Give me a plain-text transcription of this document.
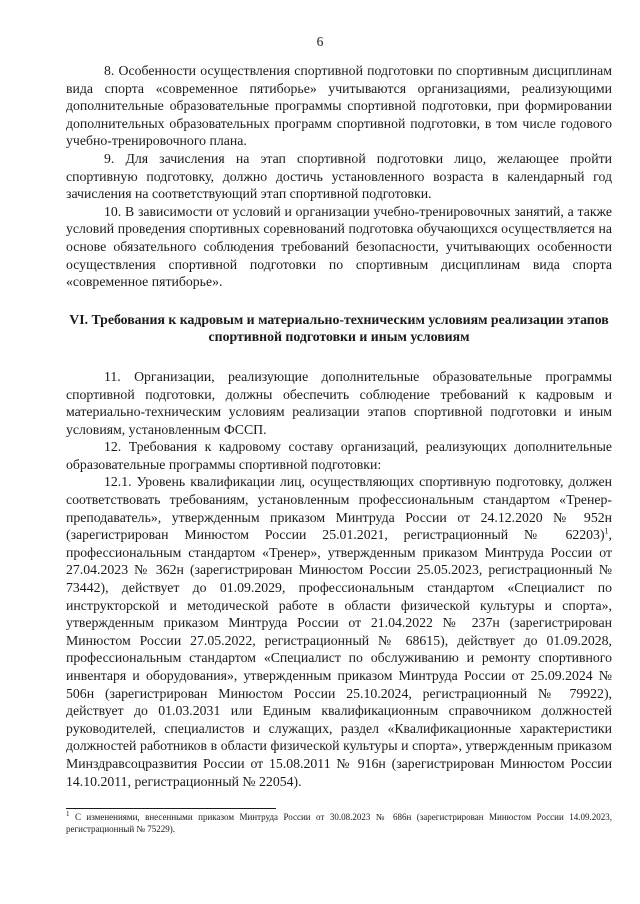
6

8. Особенности осуществления спортивной подготовки по спортивным дисциплинам вида спорта «современное пятиборье» учитываются организациями, реализующими дополнительные образовательные программы спортивной подготовки, при формировании дополнительных образовательных программ спортивной подготовки, в том числе годового учебно-тренировочного плана.

9. Для зачисления на этап спортивной подготовки лицо, желающее пройти спортивную подготовку, должно достичь установленного возраста в календарный год зачисления на соответствующий этап спортивной подготовки.

10. В зависимости от условий и организации учебно-тренировочных занятий, а также условий проведения спортивных соревнований подготовка обучающихся осуществляется на основе обязательного соблюдения требований безопасности, учитывающих особенности осуществления спортивной подготовки по спортивным дисциплинам вида спорта «современное пятиборье».

VI. Требования к кадровым и материально-техническим условиям реализации этапов спортивной подготовки и иным условиям

11. Организации, реализующие дополнительные образовательные программы спортивной подготовки, должны обеспечить соблюдение требований к кадровым и материально-техническим условиям реализации этапов спортивной подготовки и иным условиям, установленным ФССП.

12. Требования к кадровому составу организаций, реализующих дополнительные образовательные программы спортивной подготовки:

12.1. Уровень квалификации лиц, осуществляющих спортивную подготовку, должен соответствовать требованиям, установленным профессиональным стандартом «Тренер-преподаватель», утвержденным приказом Минтруда России от 24.12.2020 № 952н (зарегистрирован Минюстом России 25.01.2021, регистрационный № 62203)$^1$, профессиональным стандартом «Тренер», утвержденным приказом Минтруда России от 27.04.2023 № 362н (зарегистрирован Минюстом России 25.05.2023, регистрационный № 73442), действует до 01.09.2029, профессиональным стандартом «Специалист по инструкторской и методической работе в области физической культуры и спорта», утвержденным приказом Минтруда России от 21.04.2022 № 237н (зарегистрирован Минюстом России 27.05.2022, регистрационный № 68615), действует до 01.09.2028, профессиональным стандартом «Специалист по обслуживанию и ремонту спортивного инвентаря и оборудования», утвержденным приказом Минтруда России от 25.09.2024 № 506н (зарегистрирован Минюстом России 25.10.2024, регистрационный № 79922), действует до 01.03.2031 или Единым квалификационным справочником должностей руководителей, специалистов и служащих, раздел «Квалификационные характеристики должностей работников в области физической культуры и спорта», утвержденным приказом Минздравсоцразвития России от 15.08.2011 № 916н (зарегистрирован Минюстом России 14.10.2011, регистрационный № 22054).

$^1$ С изменениями, внесенными приказом Минтруда России от 30.08.2023 № 686н (зарегистрирован Минюстом России 14.09.2023, регистрационный № 75229).
